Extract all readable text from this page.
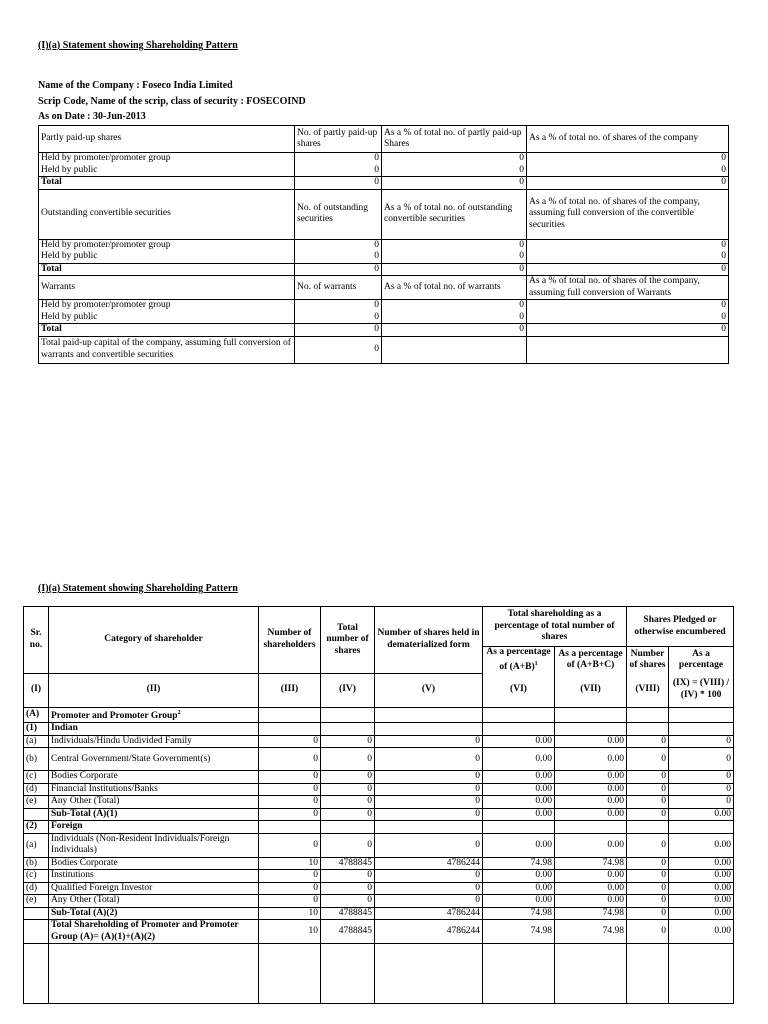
(I)(a) Statement showing Shareholding Pattern
Name of the Company : Foseco India Limited
Scrip Code, Name of the scrip, class of security : FOSECOIND
As on Date : 30-Jun-2013
Partly paid-up shares	No. of partly paid-up shares	As a % of total no. of partly paid-up Shares	As a % of total no. of shares of the company
Held by promoter/promoter group	0	0	0
Held by public	0	0	0
Total	0	0	0
Outstanding convertible securities	No. of outstanding securities	As a % of total no. of outstanding convertible securities	As a % of total no. of shares of the company, assuming full conversion of the convertible securities
Held by promoter/promoter group	0	0	0
Held by public	0	0	0
Total	0	0	0
Warrants	No. of warrants	As a % of total no. of warrants	As a % of total no. of shares of the company, assuming full conversion of Warrants
Held by promoter/promoter group	0	0	0
Held by public	0	0	0
Total	0	0	0
Total paid-up capital of the company, assuming full conversion of warrants and convertible securities	0		
(I)(a) Statement showing Shareholding Pattern
Sr. no.	Category of shareholder	Number of shareholders	Total number of shares	Number of shares held in dematerialized form	Total shareholding as a percentage of total number of shares		Shares Pledged or otherwise encumbered	
					As a percentage of $(A+B)^1$	As a percentage of (A+B+C)	Number of shares	As a percentage
(I)	(II)	(III)	(IV)	(V)	(VI)	(VII)	(VIII)	(IX) = (VIII) / (IV) * 100
(A)	Promoter and Promoter Group$^2$							
(1)	Indian							
(a)	Individuals/Hindu Undivided Family	0	0	0	0.00	0.00	0	0
(b)	Central Government/State Government(s)	0	0	0	0.00	0.00	0	0
(c)	Bodies Corporate	0	0	0	0.00	0.00	0	0
(d)	Financial Institutions/Banks	0	0	0	0.00	0.00	0	0
(e)	Any Other (Total)	0	0	0	0.00	0.00	0	0
	Sub-Total (A)(1)	0	0	0	0.00	0.00	0	0.00
(2)	Foreign							
(a)	Individuals (Non-Resident Individuals/Foreign Individuals)	0	0	0	0.00	0.00	0	0.00
(b)	Bodies Corporate	10	4788845	4786244	74.98	74.98	0	0.00
(c)	Institutions	0	0	0	0.00	0.00	0	0.00
(d)	Qualified Foreign Investor	0	0	0	0.00	0.00	0	0.00
(e)	Any Other (Total)	0	0	0	0.00	0.00	0	0.00
	Sub-Total (A)(2)	10	4788845	4786244	74.98	74.98	0	0.00
	Total Shareholding of Promoter and Promoter Group (A)= (A)(1)+(A)(2)	10	4788845	4786244	74.98	74.98	0	0.00
